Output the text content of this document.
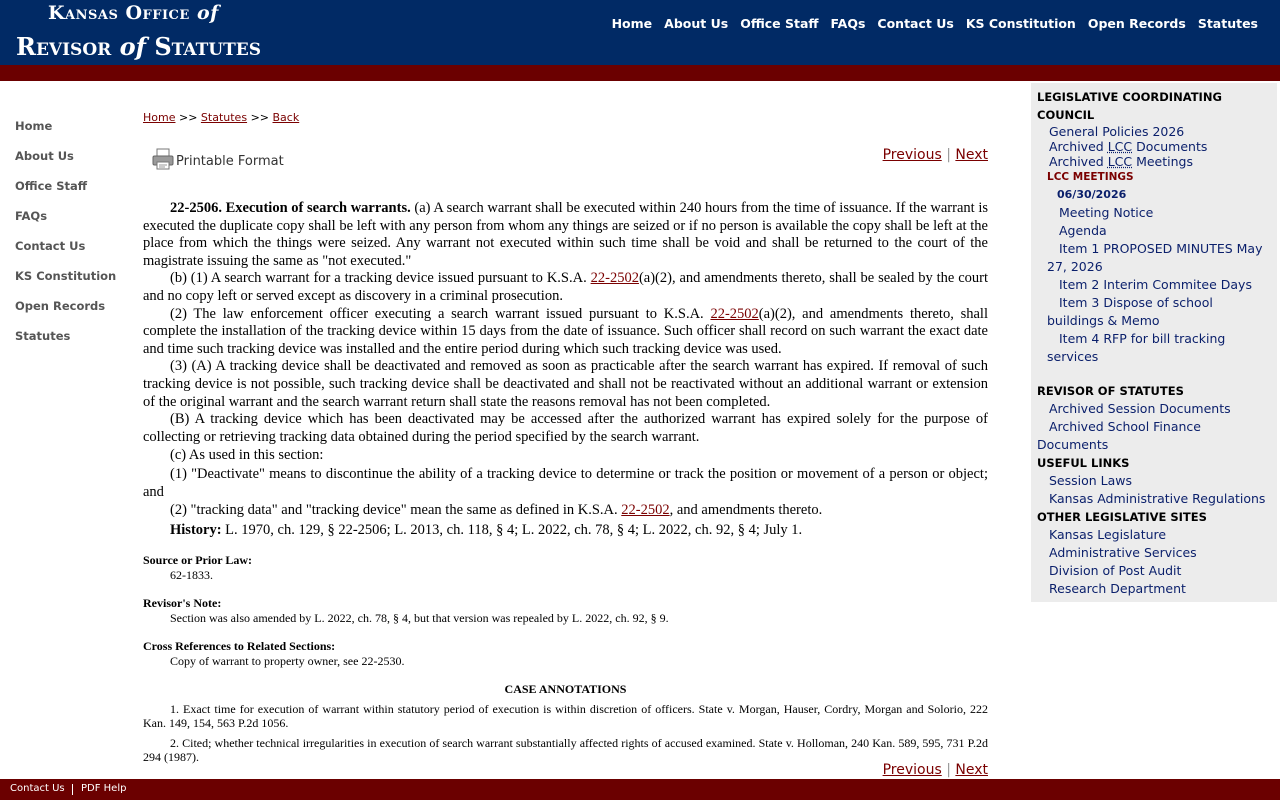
Kansas Office of
Revisor of Statutes
Home About Us Office Staff FAQs Contact Us KS Constitution Open Records Statutes
Home
About Us
Office Staff
FAQs
Contact Us
KS Constitution
Open Records
Statutes
Home >> Statutes >> Back
Printable Format	Previous | Next

22-2506. Execution of search warrants. (a) A search warrant shall be executed within 240 hours from the time of issuance. If the warrant is executed the duplicate copy shall be left with any person from whom any things are seized or if no person is available the copy shall be left at the place from which the things were seized. Any warrant not executed within such time shall be void and shall be returned to the court of the magistrate issuing the same as "not executed."

(b) (1) A search warrant for a tracking device issued pursuant to K.S.A. 22-2502(a)(2), and amendments thereto, shall be sealed by the court and no copy left or served except as discovery in a criminal prosecution.

(2) The law enforcement officer executing a search warrant issued pursuant to K.S.A. 22-2502(a)(2), and amendments thereto, shall complete the installation of the tracking device within 15 days from the date of issuance. Such officer shall record on such warrant the exact date and time such tracking device was installed and the entire period during which such tracking device was used.

(3) (A) A tracking device shall be deactivated and removed as soon as practicable after the search warrant has expired. If removal of such tracking device is not possible, such tracking device shall be deactivated and shall not be reactivated without an additional warrant or extension of the original warrant and the search warrant return shall state the reasons removal has not been completed.

(B) A tracking device which has been deactivated may be accessed after the authorized warrant has expired solely for the purpose of collecting or retrieving tracking data obtained during the period specified by the search warrant.

(c) As used in this section:

(1) "Deactivate" means to discontinue the ability of a tracking device to determine or track the position or movement of a person or object; and

(2) "tracking data" and "tracking device" mean the same as defined in K.S.A. 22-2502, and amendments thereto.

History: L. 1970, ch. 129, § 22-2506; L. 2013, ch. 118, § 4; L. 2022, ch. 78, § 4; L. 2022, ch. 92, § 4; July 1.

Source or Prior Law:
62-1833.
Revisor's Note:
Section was also amended by L. 2022, ch. 78, § 4, but that version was repealed by L. 2022, ch. 92, § 9.
Cross References to Related Sections:
Copy of warrant to property owner, see 22-2530.
CASE ANNOTATIONS
1. Exact time for execution of warrant within statutory period of execution is within discretion of officers. State v. Morgan, Hauser, Cordry, Morgan and Solorio, 222 Kan. 149, 154, 563 P.2d 1056.
2. Cited; whether technical irregularities in execution of search warrant substantially affected rights of accused examined. State v. Holloman, 240 Kan. 589, 595, 731 P.2d 294 (1987).
Previous | Next
LEGISLATIVE COORDINATING COUNCIL
General Policies 2026
Archived LCC Documents
Archived LCC Meetings
LCC MEETINGS
06/30/2026
Meeting Notice
Agenda
Item 1 PROPOSED MINUTES May 27, 2026
Item 2 Interim Commitee Days
Item 3 Dispose of school buildings & Memo
Item 4 RFP for bill tracking services
REVISOR OF STATUTES
Archived Session Documents
Archived School Finance Documents
USEFUL LINKS
Session Laws
Kansas Administrative Regulations
OTHER LEGISLATIVE SITES
Kansas Legislature
Administrative Services
Division of Post Audit
Research Department
Contact Us PDF Help
